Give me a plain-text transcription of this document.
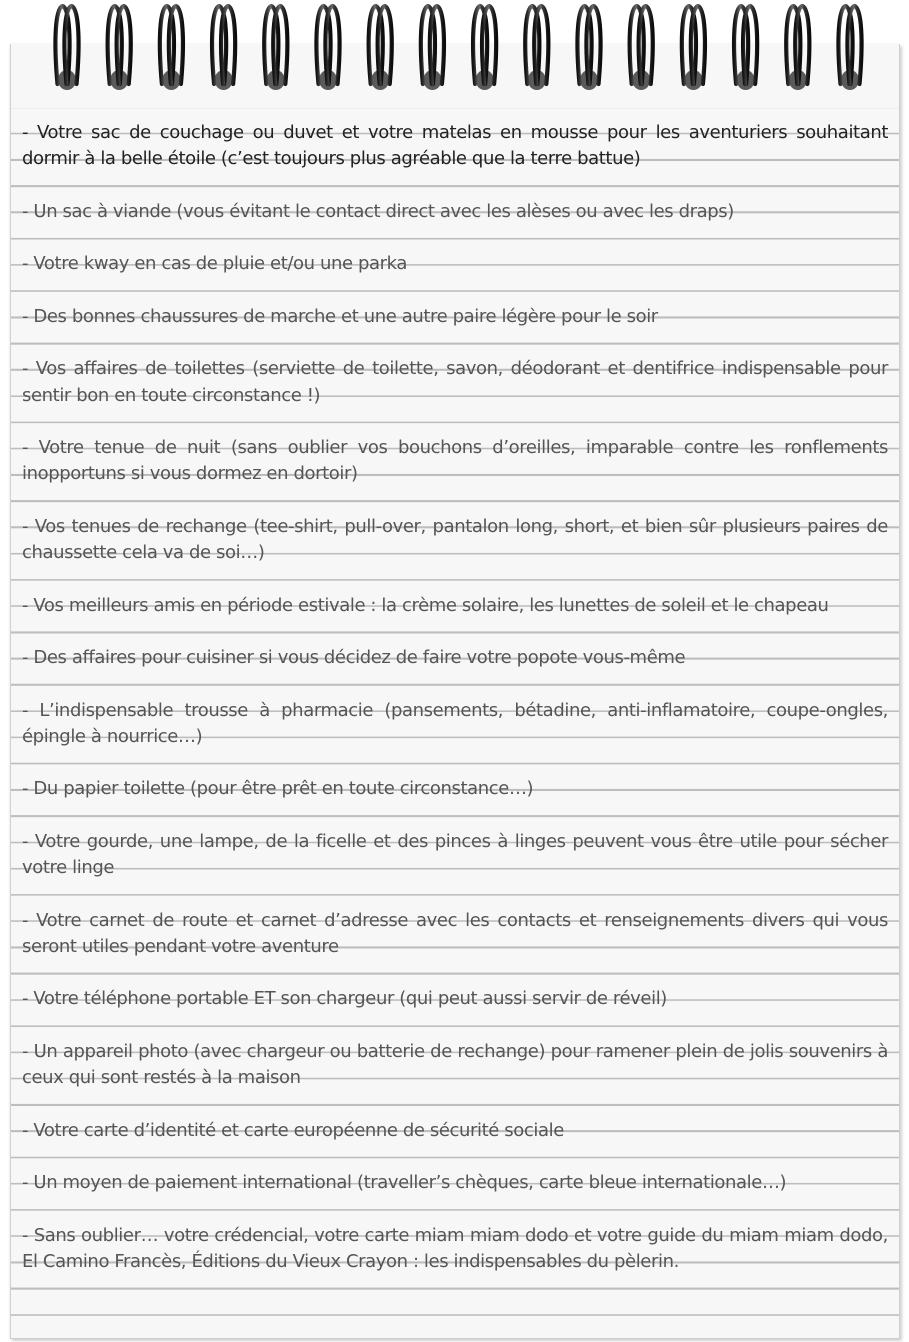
- Votre sac de couchage ou duvet et votre matelas en mousse pour les aventuriers souhaitant dormir à la belle étoile (c’est toujours plus agréable que la terre battue)
- Un sac à viande (vous évitant le contact direct avec les alèses ou avec les draps)
- Votre kway en cas de pluie et/ou une parka
- Des bonnes chaussures de marche et une autre paire légère pour le soir
- Vos affaires de toilettes (serviette de toilette, savon, déodorant et dentifrice indispensable pour sentir bon en toute circonstance !)
- Votre tenue de nuit (sans oublier vos bouchons d’oreilles, imparable contre les ronflements inopportuns si vous dormez en dortoir)
- Vos tenues de rechange (tee-shirt, pull-over, pantalon long, short, et bien sûr plusieurs paires de chaussette cela va de soi…)
- Vos meilleurs amis en période estivale : la crème solaire, les lunettes de soleil et le chapeau
- Des affaires pour cuisiner si vous décidez de faire votre popote vous-même
- L’indispensable trousse à pharmacie (pansements, bétadine, anti-inflamatoire, coupe-ongles, épingle à nourrice…)
- Du papier toilette (pour être prêt en toute circonstance…)
- Votre gourde, une lampe, de la ficelle et des pinces à linges peuvent vous être utile pour sécher votre linge
- Votre carnet de route et carnet d’adresse avec les contacts et renseignements divers qui vous seront utiles pendant votre aventure
- Votre téléphone portable ET son chargeur (qui peut aussi servir de réveil)
- Un appareil photo (avec chargeur ou batterie de rechange) pour ramener plein de jolis souvenirs à ceux qui sont restés à la maison
- Votre carte d’identité et carte européenne de sécurité sociale
- Un moyen de paiement international (traveller’s chèques, carte bleue internationale…)
- Sans oublier… votre crédencial, votre carte miam miam dodo et votre guide du miam miam dodo, El Camino Francès, Éditions du Vieux Crayon : les indispensables du pèlerin.
